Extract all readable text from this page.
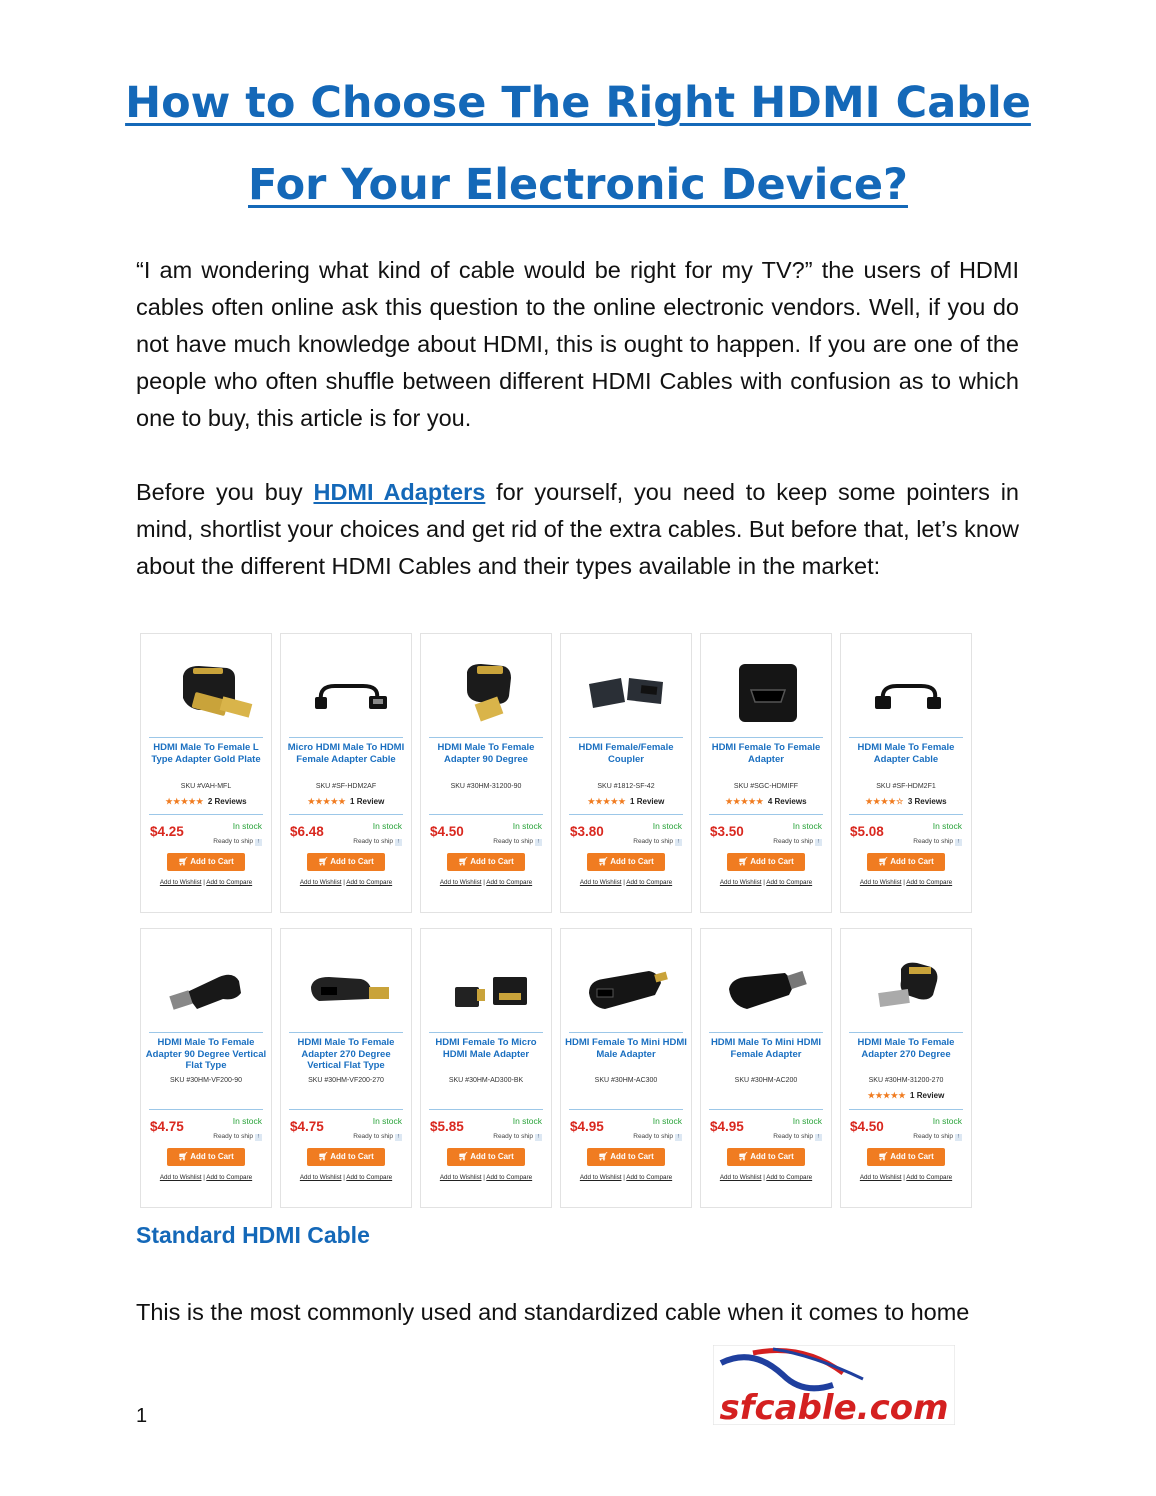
How to Choose The Right HDMI Cable
For Your Electronic Device?

“I am wondering what kind of cable would be right for my TV?” the users of HDMI cables often online ask this question to the online electronic vendors. Well, if you do not have much knowledge about HDMI, this is ought to happen. If you are one of the people who often shuffle between different HDMI Cables with confusion as to which one to buy, this article is for you.

Before you buy HDMI Adapters for yourself, you need to keep some pointers in mind, shortlist your choices and get rid of the extra cables. But before that, let’s know about the different HDMI Cables and their types available in the market:

HDMI Male To Female L Type Adapter Gold Plate
SKU #VAH-MFL
★★★★★ 2 Reviews
$4.25	In stock
Ready to ship !
🛒︎ Add to Cart
Add to Wishlist | Add to Compare
Micro HDMI Male To HDMI Female Adapter Cable
SKU #SF-HDM2AF
★★★★★ 1 Review
$6.48	In stock
Ready to ship !
🛒︎ Add to Cart
Add to Wishlist | Add to Compare
HDMI Male To Female Adapter 90 Degree
SKU #30HM-31200-90
$4.50	In stock
Ready to ship !
🛒︎ Add to Cart
Add to Wishlist | Add to Compare
HDMI Female/Female Coupler
SKU #1812-SF-42
★★★★★ 1 Review
$3.80	In stock
Ready to ship !
🛒︎ Add to Cart
Add to Wishlist | Add to Compare
HDMI Female To Female Adapter
SKU #SGC-HDMIFF
★★★★★ 4 Reviews
$3.50	In stock
Ready to ship !
🛒︎ Add to Cart
Add to Wishlist | Add to Compare
HDMI Male To Female Adapter Cable
SKU #SF-HDM2F1
★★★★☆ 3 Reviews
$5.08	In stock
Ready to ship !
🛒︎ Add to Cart
Add to Wishlist | Add to Compare
HDMI Male To Female Adapter 90 Degree Vertical Flat Type
SKU #30HM-VF200-90
$4.75	In stock
Ready to ship !
🛒︎ Add to Cart
Add to Wishlist | Add to Compare
HDMI Male To Female Adapter 270 Degree Vertical Flat Type
SKU #30HM-VF200-270
$4.75	In stock
Ready to ship !
🛒︎ Add to Cart
Add to Wishlist | Add to Compare
HDMI Female To Micro HDMI Male Adapter
SKU #30HM-AD300-BK
$5.85	In stock
Ready to ship !
🛒︎ Add to Cart
Add to Wishlist | Add to Compare
HDMI Female To Mini HDMI Male Adapter
SKU #30HM-AC300
$4.95	In stock
Ready to ship !
🛒︎ Add to Cart
Add to Wishlist | Add to Compare
HDMI Male To Mini HDMI Female Adapter
SKU #30HM-AC200
$4.95	In stock
Ready to ship !
🛒︎ Add to Cart
Add to Wishlist | Add to Compare
HDMI Male To Female Adapter 270 Degree
SKU #30HM-31200-270
★★★★★ 1 Review
$4.50	In stock
Ready to ship !
🛒︎ Add to Cart
Add to Wishlist | Add to Compare
Standard HDMI Cable

This is the most commonly used and standardized cable when it comes to home

1	sfcable.com
